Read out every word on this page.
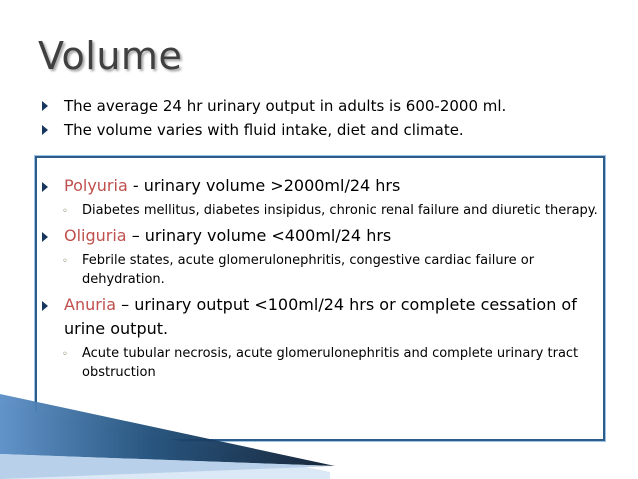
Volume
The average 24 hr urinary output in adults is 600-2000 ml.
The volume varies with fluid intake, diet and climate.
Polyuria - urinary volume >2000ml/24 hrs
◦ Diabetes mellitus, diabetes insipidus, chronic renal failure and diuretic therapy.
Oliguria – urinary volume <400ml/24 hrs
◦ Febrile states, acute glomerulonephritis, congestive cardiac failure or dehydration.
Anuria – urinary output <100ml/24 hrs or complete cessation of urine output.
◦ Acute tubular necrosis, acute glomerulonephritis and complete urinary tract obstruction
